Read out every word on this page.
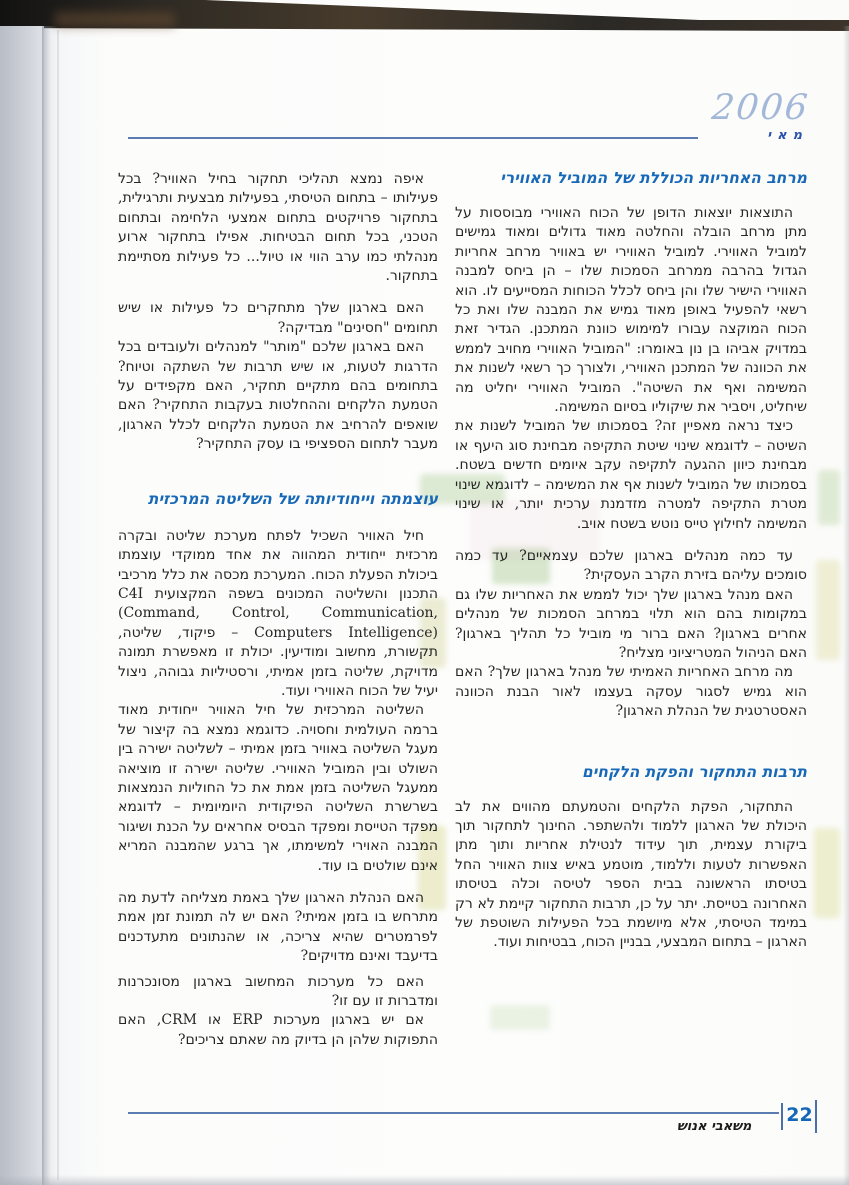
2006
מאי
מרחב האחריות הכוללת של המוביל האווירי

התוצאות יוצאות הדופן של הכוח האווירי מבוססות על מתן מרחב הובלה והחלטה מאוד גדולים ומאוד גמישים למוביל האווירי. למוביל האווירי יש באוויר מרחב אחריות הגדול בהרבה ממרחב הסמכות שלו – הן ביחס למבנה האווירי הישיר שלו והן ביחס לכלל הכוחות המסייעים לו. הוא רשאי להפעיל באופן מאוד גמיש את המבנה שלו ואת כל הכוח המוקצה עבורו למימוש כוונת המתכנן. הגדיר זאת במדויק אביהו בן נון באומרו: "המוביל האווירי מחויב לממש את הכוונה של המתכנן האווירי, ולצורך כך רשאי לשנות את המשימה ואף את השיטה". המוביל האווירי יחליט מה שיחליט, ויסביר את שיקוליו בסיום המשימה.

כיצד נראה מאפיין זה? בסמכותו של המוביל לשנות את השיטה – לדוגמא שינוי שיטת התקיפה מבחינת סוג היעף או מבחינת כיוון ההגעה לתקיפה עקב איומים חדשים בשטח. בסמכותו של המוביל לשנות אף את המשימה – לדוגמא שינוי מטרת התקיפה למטרה מזדמנת ערכית יותר, או שינוי המשימה לחילוץ טייס נוטש בשטח אויב.

עד כמה מנהלים בארגון שלכם עצמאיים? עד כמה סומכים עליהם בזירת הקרב העסקית?

האם מנהל בארגון שלך יכול לממש את האחריות שלו גם במקומות בהם הוא תלוי במרחב הסמכות של מנהלים אחרים בארגון? האם ברור מי מוביל כל תהליך בארגון? האם הניהול המטריציוני מצליח?

מה מרחב האחריות האמיתי של מנהל בארגון שלך? האם הוא גמיש לסגור עסקה בעצמו לאור הבנת הכוונה האסטרטגית של הנהלת הארגון?

תרבות התחקור והפקת הלקחים

התחקור, הפקת הלקחים והטמעתם מהווים את לב היכולת של הארגון ללמוד ולהשתפר. החינוך לתחקור תוך ביקורת עצמית, תוך עידוד לנטילת אחריות ותוך מתן האפשרות לטעות וללמוד, מוטמע באיש צוות האוויר החל בטיסתו הראשונה בבית הספר לטיסה וכלה בטיסתו האחרונה בטייסת. יתר על כן, תרבות התחקור קיימת לא רק במימד הטיסתי, אלא מיושמת בכל הפעילות השוטפת של הארגון – בתחום המבצעי, בבניין הכוח, בבטיחות ועוד.

איפה נמצא תהליכי תחקור בחיל האוויר? בכל פעילותו – בתחום הטיסתי, בפעילות מבצעית ותרגילית, בתחקור פרויקטים בתחום אמצעי הלחימה ובתחום הטכני, בכל תחום הבטיחות. אפילו בתחקור ארוע מנהלתי כמו ערב הווי או טיול... כל פעילות מסתיימת בתחקור.

האם בארגון שלך מתחקרים כל פעילות או שיש תחומים "חסינים" מבדיקה?

האם בארגון שלכם "מותר" למנהלים ולעובדים בכל הדרגות לטעות, או שיש תרבות של השתקה וטיוח? בתחומים בהם מתקיים תחקיר, האם מקפידים על הטמעת הלקחים וההחלטות בעקבות התחקיר? האם שואפים להרחיב את הטמעת הלקחים לכלל הארגון, מעבר לתחום הספציפי בו עסק התחקיר?

עוצמתה וייחודיותה של השליטה המרכזית

חיל האוויר השכיל לפתח מערכת שליטה ובקרה מרכזית ייחודית המהווה את אחד ממוקדי עוצמתו ביכולת הפעלת הכוח. המערכת מכסה את כלל מרכיבי התכנון והשליטה המכונים בשפה המקצועית C4I (Command, Control, Communication, Computers Intelligence) – פיקוד, שליטה, תקשורת, מחשוב ומודיעין. יכולת זו מאפשרת תמונה מדויקת, שליטה בזמן אמיתי, ורסטיליות גבוהה, ניצול יעיל של הכוח האווירי ועוד.

השליטה המרכזית של חיל האוויר ייחודית מאוד ברמה העולמית וחסויה. כדוגמא נמצא בה קיצור של מעגל השליטה באוויר בזמן אמיתי – לשליטה ישירה בין השולט ובין המוביל האווירי. שליטה ישירה זו מוציאה ממעגל השליטה בזמן אמת את כל החוליות הנמצאות בשרשרת השליטה הפיקודית היומיומית – לדוגמא מפקד הטייסת ומפקד הבסיס אחראים על הכנת ושיגור המבנה האוירי למשימתו, אך ברגע שהמבנה המריא אינם שולטים בו עוד.

האם הנהלת הארגון שלך באמת מצליחה לדעת מה מתרחש בו בזמן אמיתי? האם יש לה תמונת זמן אמת לפרמטרים שהיא צריכה, או שהנתונים מתעדכנים בדיעבד ואינם מדויקים?

האם כל מערכות המחשוב בארגון מסונכרנות ומדברות זו עם זו?

אם יש בארגון מערכות ERP או CRM, האם התפוקות שלהן הן בדיוק מה שאתם צריכים?

22
משאבי אנוש
